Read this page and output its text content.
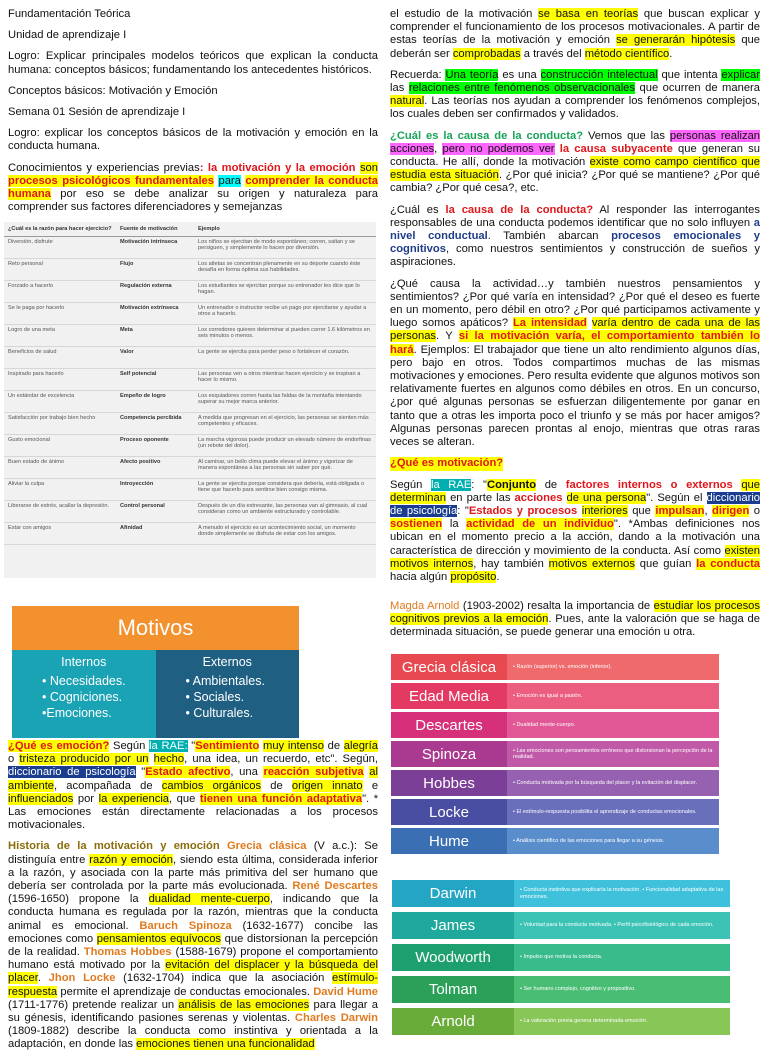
Fundamentación Teórica

Unidad de aprendizaje I

Logro: Explicar principales modelos teóricos que explican la conducta humana: conceptos básicos; fundamentando los antecedentes históricos.

Conceptos básicos: Motivación y Emoción

Semana 01 Sesión de aprendizaje I

Logro: explicar los conceptos básicos de la motivación y emoción en la conducta humana.

Conocimientos y experiencias previas: la motivación y la emoción son procesos psicológicos fundamentales para comprender la conducta humana por eso se debe analizar su origen y naturaleza para comprender sus factores diferenciadores y semejanzas

¿Cuál es la razón para hacer ejercicio?	Fuente de motivación	Ejemplo
Diversión, disfrute	Motivación intrínseca	Los niños se ejercitan de modo espontáneo; corren, saltan y se persiguen, y simplemente lo hacen por diversión.
Reto personal	Flujo	Los atletas se concentran plenamente en su deporte cuando éste desafía en forma óptima sus habilidades.
Forzado a hacerlo	Regulación externa	Los estudiantes se ejercitan porque su entrenador les dice que lo hagan.
Se le paga por hacerlo	Motivación extrínseca	Un entrenador o instructor recibe un pago por ejercitarse y ayudar a otros a hacerlo.
Logro de una meta	Meta	Los corredores quieren determinar si pueden correr 1.6 kilómetros en seis minutos o menos.
Beneficios de salud	Valor	La gente se ejercita para perder peso o fortalecer el corazón.
Inspirado para hacerlo	Self potencial	Las personas ven a otros mientras hacen ejercicio y se inspiran a hacer lo mismo.
Un estándar de excelencia	Empeño de logro	Los esquiadores corren hasta las faldas de la montaña intentando superar su mejor marca anterior.
Satisfacción por trabajo bien hecho	Competencia percibida	A medida que progresan en el ejercicio, las personas se sienten más competentes y eficaces.
Gusto emocional	Proceso oponente	La marcha vigorosa puede producir un elevado número de endorfinas (un rebote del dolor).
Buen estado de ánimo	Afecto positivo	Al caminar, un bello clima puede elevar el ánimo y vigorizar de manera espontánea a las personas sin saber por qué.
Aliviar la culpa	Introyección	La gente se ejercita porque considera que debería, está obligada o tiene que hacerlo para sentirse bien consigo misma.
Liberarse de estrés, acallar la depresión.	Control personal	Después de un día estresante, las personas van al gimnasio, al cual consideran como un ambiente estructurado y controlable.
Estar con amigos	Afinidad	A menudo el ejercicio es un acontecimiento social, un momento donde simplemente se disfruta de estar con los amigos.

el estudio de la motivación se basa en teorías que buscan explicar y comprender el funcionamiento de los procesos motivacionales. A partir de estas teorías de la motivación y emoción se generarán hipótesis que deberán ser comprobadas a través del método científico.

Recuerda: Una teoría es una construcción intelectual que intenta explicar las relaciones entre fenómenos observacionales que ocurren de manera natural. Las teorías nos ayudan a comprender los fenómenos complejos, los cuales deben ser confirmados y validados.

¿Cuál es la causa de la conducta? Vemos que las personas realizan acciones, pero no podemos ver la causa subyacente que generan su conducta. He allí, donde la motivación existe como campo científico que estudia esta situación. ¿Por qué inicia? ¿Por qué se mantiene? ¿Por qué cambia? ¿Por qué cesa?, etc.

¿Cuál es la causa de la conducta? Al responder las interrogantes responsables de una conducta podemos identificar que no solo influyen a nivel conductual. También abarcan procesos emocionales y cognitivos, como nuestros sentimientos y construcción de sueños y aspiraciones.

¿Qué causa la actividad…y también nuestros pensamientos y sentimientos? ¿Por qué varía en intensidad? ¿Por qué el deseo es fuerte en un momento, pero débil en otro? ¿Por qué participamos activamente y luego somos apáticos? La intensidad varía dentro de cada una de las personas. Y si la motivación varía, el comportamiento también lo hará. Ejemplos: El trabajador que tiene un alto rendimiento algunos días, pero bajo en otros. Todos compartimos muchas de las mismas motivaciones y emociones. Pero resulta evidente que algunos motivos son relativamente fuertes en algunos como débiles en otros. En un concurso, ¿por qué algunas personas se esfuerzan diligentemente por ganar en tanto que a otras les importa poco el triunfo y se más por hacer amigos? Algunas personas parecen prontas al enojo, mientras que otras raras veces se alteran.

¿Qué es motivación?

Según la RAE: "Conjunto de factores internos o externos que determinan en parte las acciones de una persona". Según el diccionario de psicología: "Estados y procesos interiores que impulsan, dirigen o sostienen la actividad de un individuo". *Ambas definiciones nos ubican en el momento precio a la acción, dando a la motivación una característica de dirección y movimiento de la conducta. Así como existen motivos internos, hay también motivos externos que guían la conducta hacia algún propósito.

Motivos
Internos
• Necesidades.
• Cogniciones.
•Emociones.
Externos
• Ambientales.
• Sociales.
• Culturales.

¿Qué es emoción? Según la RAE: "Sentimiento muy intenso de alegría o tristeza producido por un hecho, una idea, un recuerdo, etc". Según, diccionario de psicología "Estado afectivo, una reacción subjetiva al ambiente, acompañada de cambios orgánicos de origen innato e influenciados por la experiencia, que tienen una función adaptativa". * Las emociones están directamente relacionadas a los procesos motivacionales.

Historia de la motivación y emoción Grecia clásica (V a.c.): Se distinguía entre razón y emoción, siendo esta última, considerada inferior a la razón, y asociada con la parte más primitiva del ser humano que debería ser controlada por la parte más evolucionada. René Descartes (1596-1650) propone la dualidad mente-cuerpo, indicando que la conducta humana es regulada por la razón, mientras que la conducta animal es emocional. Baruch Spinoza (1632-1677) concibe las emociones como pensamientos equívocos que distorsionan la percepción de la realidad. Thomas Hobbes (1588-1679) propone el comportamiento humano está motivado por la evitación del displacer y la búsqueda del placer. Jhon Locke (1632-1704) indica que la asociación estímulo-respuesta permite el aprendizaje de conductas emocionales. David Hume (1711-1776) pretende realizar un análisis de las emociones para llegar a su génesis, identificando pasiones serenas y violentas. Charles Darwin (1809-1882) describe la conducta como instintiva y orientada a la adaptación, en donde las emociones tienen una funcionalidad

Magda Arnold (1903-2002) resalta la importancia de estudiar los procesos cognitivos previos a la emoción. Pues, ante la valoración que se haga de determinada situación, se puede generar una emoción u otra.

Grecia clásica	• Razón (superior) vs. emoción (inferior).
Edad Media	• Emoción es igual a pasión.
Descartes	• Dualidad mente-cuerpo.
Spinoza	• Las emociones son pensamientos erróneos que distorsionan la percepción de la realidad.
Hobbes	• Conducta motivada por la búsqueda del placer y la evitación del displacer.
Locke	• El estímulo-respuesta posibilita el aprendizaje de conductas emocionales.
Hume	• Análisis científico de las emociones para llegar a su génesis.
Darwin	• Conducta instintiva que explicaría la motivación. • Funcionalidad adaptativa de las emociones.
James	• Voluntad para la conducta motivada. • Perfil psicofisiológico de cada emoción.
Woodworth	• Impulso que motiva la conducta.
Tolman	• Ser humano complejo, cognitivo y propositivo.
Arnold	• La valoración previa genera determinada emoción.
